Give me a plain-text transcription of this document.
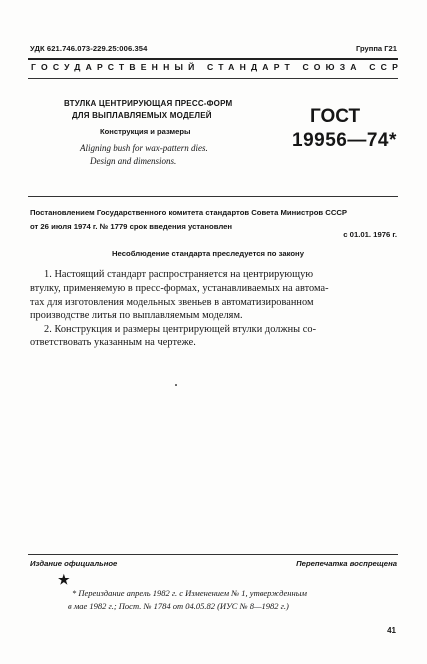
УДК 621.746.073-229.25:006.354	Группа Г21
ГОСУДАРСТВЕННЫЙ СТАНДАРТ СОЮЗА ССР
ВТУЛКА ЦЕНТРИРУЮЩАЯ ПРЕСС-ФОРМ
ДЛЯ ВЫПЛАВЛЯЕМЫХ МОДЕЛЕЙ
Конструкция и размеры
Aligning bush for wax-pattern dies.
Design and dimensions.
ГОСТ
19956—74*
Постановлением Государственного комитета стандартов Совета Министров СССР
от 26 июля 1974 г. № 1779 срок введения установлен
с 01.01. 1976 г.
Несоблюдение стандарта преследуется по закону
1. Настоящий стандарт распространяется на центрирующую
втулку, применяемую в пресс-формах, устанавливаемых на автома-
тах для изготовления модельных звеньев в автоматизированном
производстве литья по выплавляемым моделям.
2. Конструкция и размеры центрирующей втулки должны со-
ответствовать указанным на чертеже.
Издание официальное	Перепечатка воспрещена
★
* Переиздание апрель 1982 г. с Изменением № 1, утвержденным
в мае 1982 г.; Пост. № 1784 от 04.05.82 (ИУС № 8—1982 г.)
41
